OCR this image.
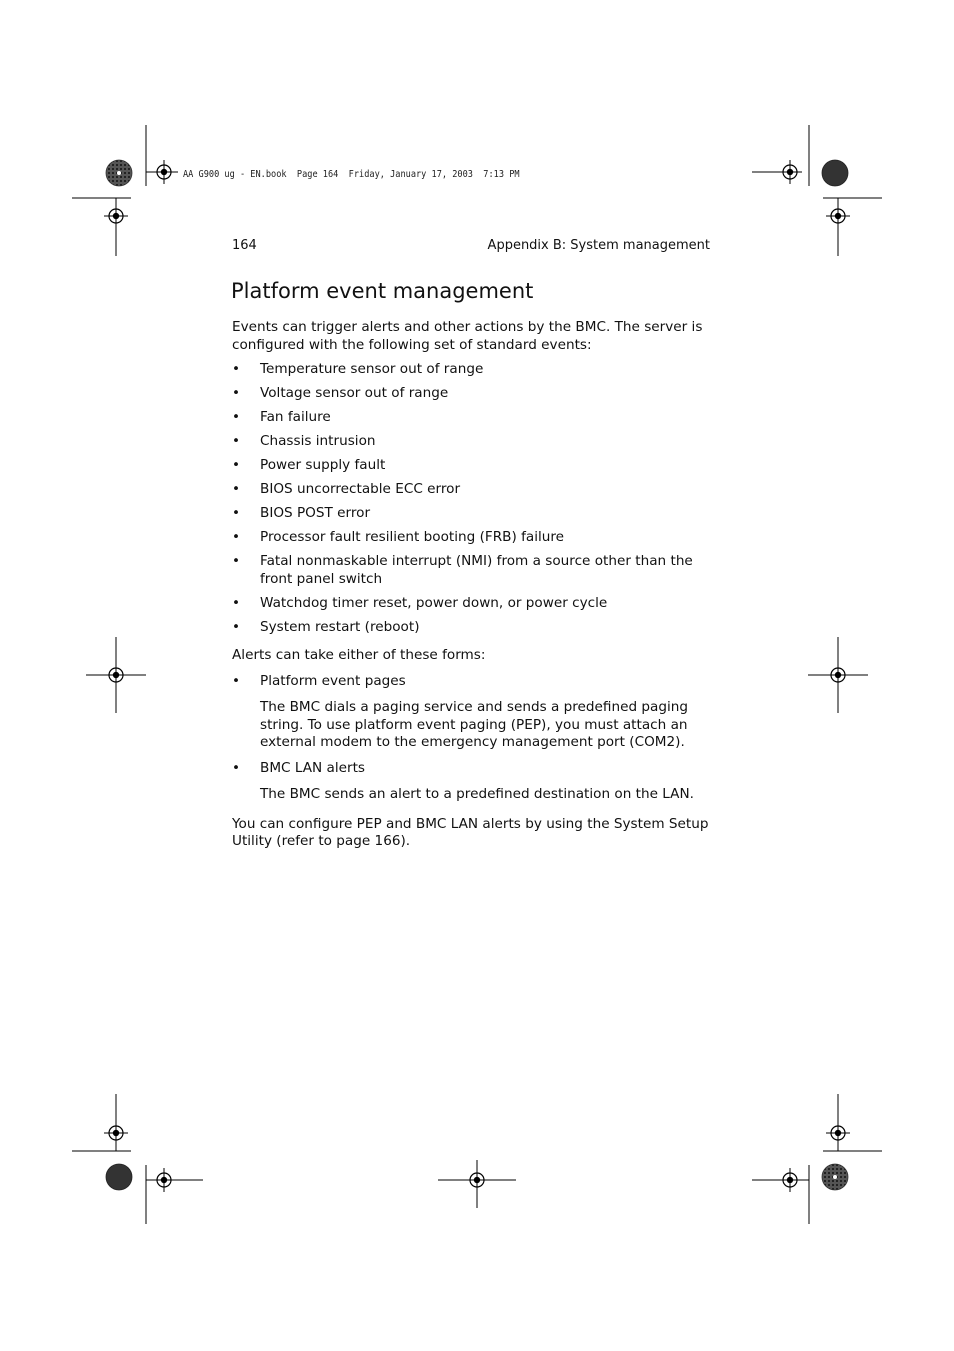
AA G900 ug - EN.book  Page 164  Friday, January 17, 2003  7:13 PM
164	Appendix B: System management
Platform event management

Events can trigger alerts and other actions by the BMC. The server is configured with the following set of standard events:

• Temperature sensor out of range
• Voltage sensor out of range
• Fan failure
• Chassis intrusion
• Power supply fault
• BIOS uncorrectable ECC error
• BIOS POST error
• Processor fault resilient booting (FRB) failure
• Fatal nonmaskable interrupt (NMI) from a source other than the front panel switch
• Watchdog timer reset, power down, or power cycle
• System restart (reboot)

Alerts can take either of these forms:

• Platform event pages

The BMC dials a paging service and sends a predefined paging string. To use platform event paging (PEP), you must attach an external modem to the emergency management port (COM2).

• BMC LAN alerts

The BMC sends an alert to a predefined destination on the LAN.

You can configure PEP and BMC LAN alerts by using the System Setup Utility (refer to page 166).
